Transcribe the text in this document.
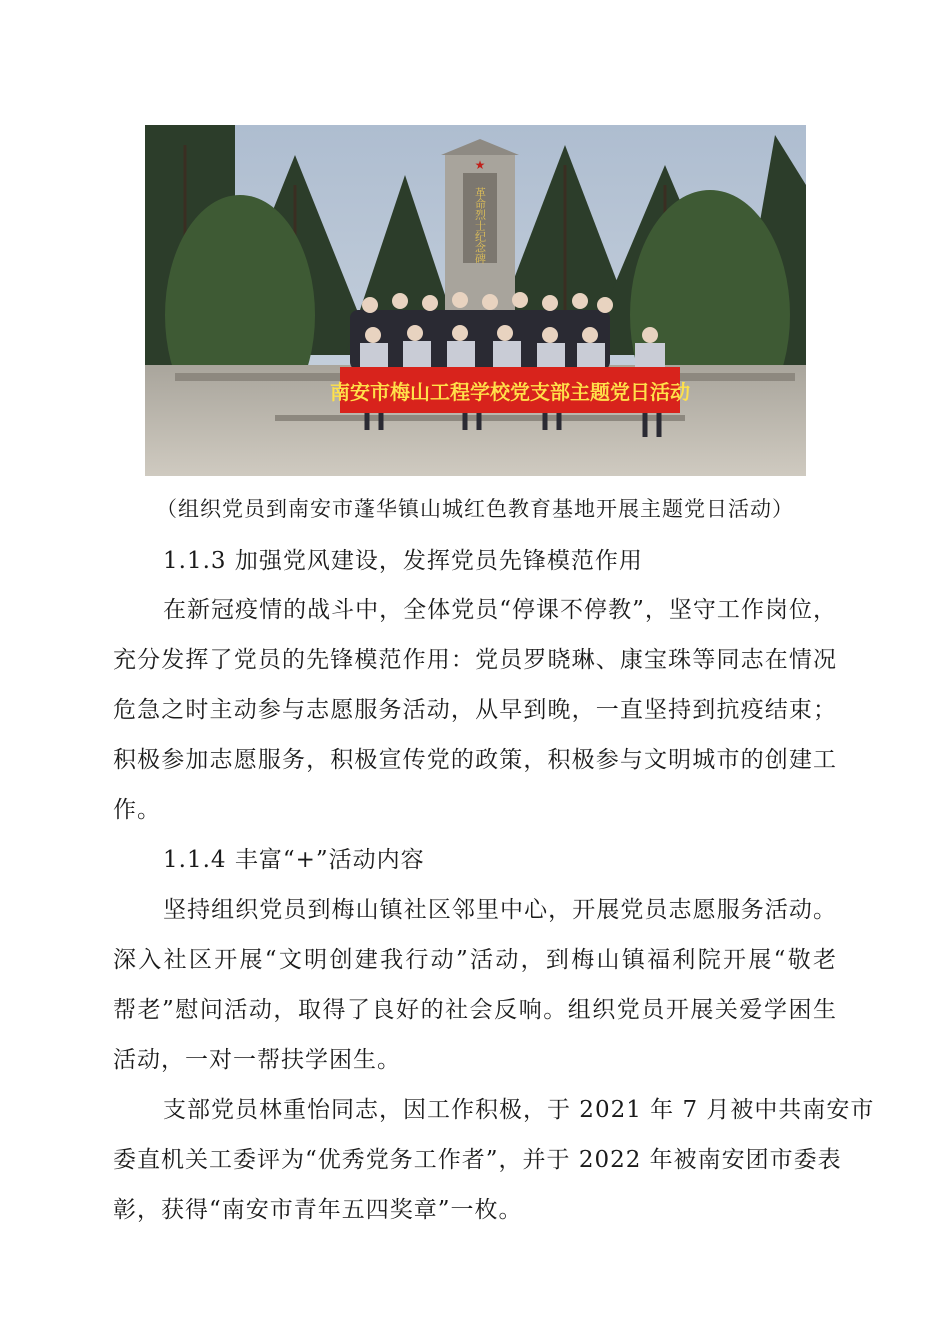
★
革命烈士纪念碑
南安市梅山工程学校党支部主题党日活动
（组织党员到南安市蓬华镇山城红色教育基地开展主题党日活动）
1.1.3 加强党风建设，发挥党员先锋模范作用
在新冠疫情的战斗中，全体党员“停课不停教”，坚守工作岗位，
充分发挥了党员的先锋模范作用：党员罗晓琳、康宝珠等同志在情况
危急之时主动参与志愿服务活动，从早到晚，一直坚持到抗疫结束；
积极参加志愿服务，积极宣传党的政策，积极参与文明城市的创建工
作。
1.1.4 丰富“+”活动内容
坚持组织党员到梅山镇社区邻里中心，开展党员志愿服务活动。
深入社区开展“文明创建我行动”活动，到梅山镇福利院开展“敬老
帮老”慰问活动，取得了良好的社会反响。组织党员开展关爱学困生
活动，一对一帮扶学困生。
支部党员林重怡同志，因工作积极，于 2021 年 7 月被中共南安市
委直机关工委评为“优秀党务工作者”，并于 2022 年被南安团市委表
彰，获得“南安市青年五四奖章”一枚。
